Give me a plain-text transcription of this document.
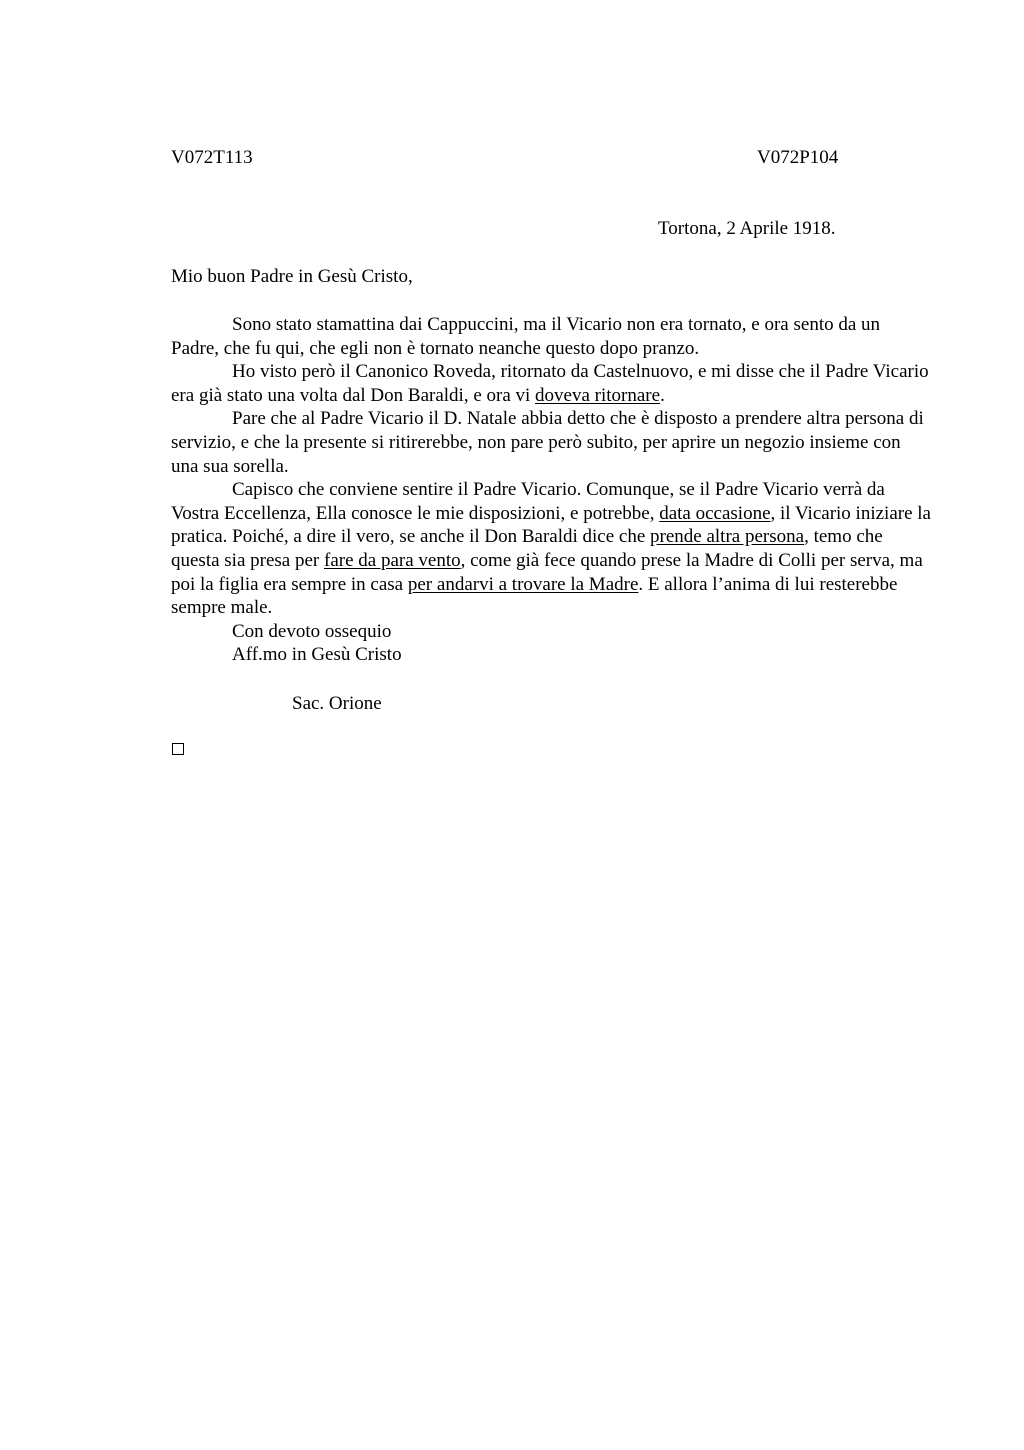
V072T113	V072P104
Tortona, 2 Aprile 1918.
Mio buon Padre in Gesù Cristo,

Sono stato stamattina dai Cappuccini, ma il Vicario non era tornato, e ora sento da un Padre, che fu qui, che egli non è tornato neanche questo dopo pranzo.

Ho visto però il Canonico Roveda, ritornato da Castelnuovo, e mi disse che il Padre Vicario era già stato una volta dal Don Baraldi, e ora vi doveva ritornare.

Pare che al Padre Vicario il D. Natale abbia detto che è disposto a prendere altra persona di servizio, e che la presente si ritirerebbe, non pare però subito, per aprire un negozio insieme con una sua sorella.

Capisco che conviene sentire il Padre Vicario. Comunque, se il Padre Vicario verrà da Vostra Eccellenza, Ella conosce le mie disposizioni, e potrebbe, data occasione, il Vicario iniziare la pratica. Poiché, a dire il vero, se anche il Don Baraldi dice che prende altra persona, temo che questa sia presa per fare da para vento, come già fece quando prese la Madre di Colli per serva, ma poi la figlia era sempre in casa per andarvi a trovare la Madre. E allora l’anima di lui resterebbe sempre male.

Con devoto ossequio

Aff.mo in Gesù Cristo

Sac. Orione
